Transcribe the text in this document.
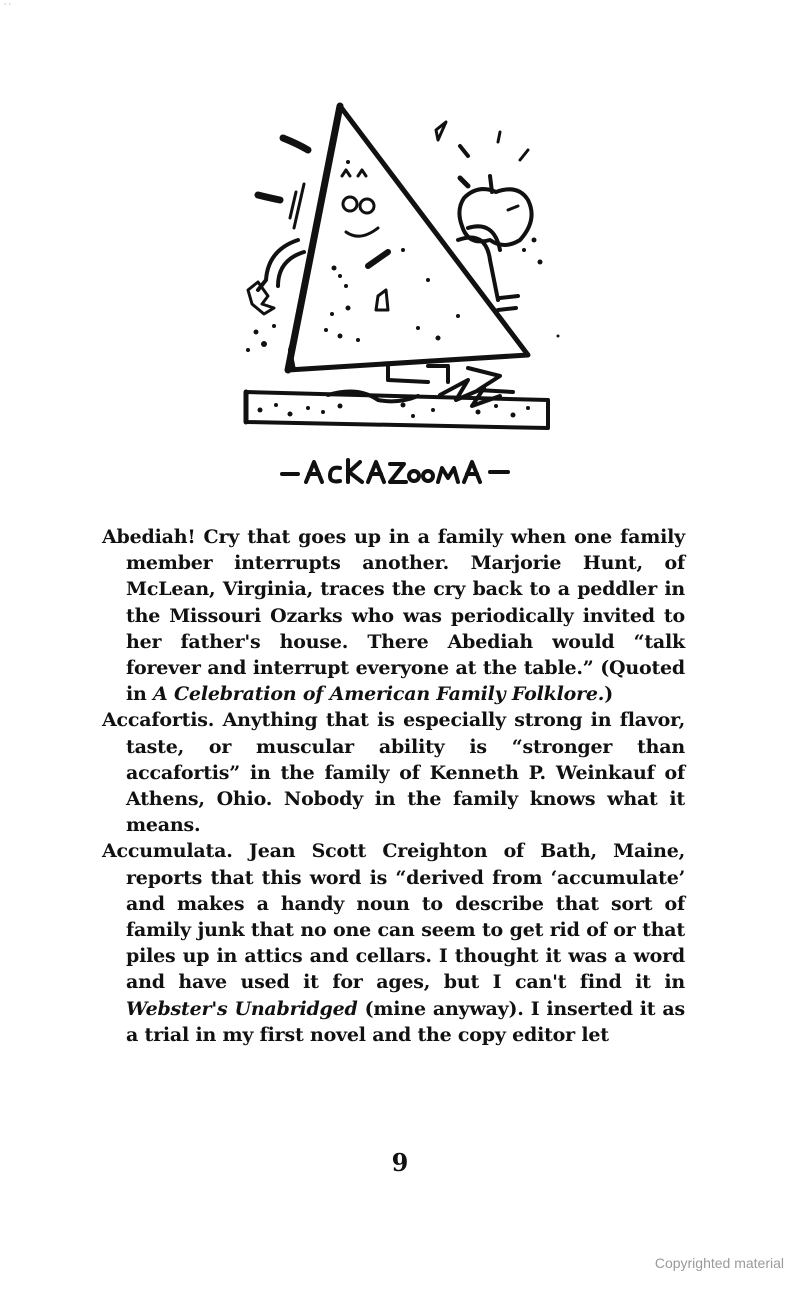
' '

Abediah! Cry that goes up in a family when one family member interrupts another. Marjorie Hunt, of McLean, Virginia, traces the cry back to a peddler in the Missouri Ozarks who was periodically invited to her father's house. There Abediah would “talk forever and interrupt everyone at the table.” (Quoted in A Celebration of American Family Folklore.)

Accafortis. Anything that is especially strong in flavor, taste, or muscular ability is “stronger than accafortis” in the family of Kenneth P. Weinkauf of Athens, Ohio. Nobody in the family knows what it means.

Accumulata. Jean Scott Creighton of Bath, Maine, reports that this word is “derived from ‘accumulate’ and makes a handy noun to describe that sort of family junk that no one can seem to get rid of or that piles up in attics and cellars. I thought it was a word and have used it for ages, but I can't find it in Webster's Unabridged (mine anyway). I inserted it as a trial in my first novel and the copy editor let

9
Copyrighted material
